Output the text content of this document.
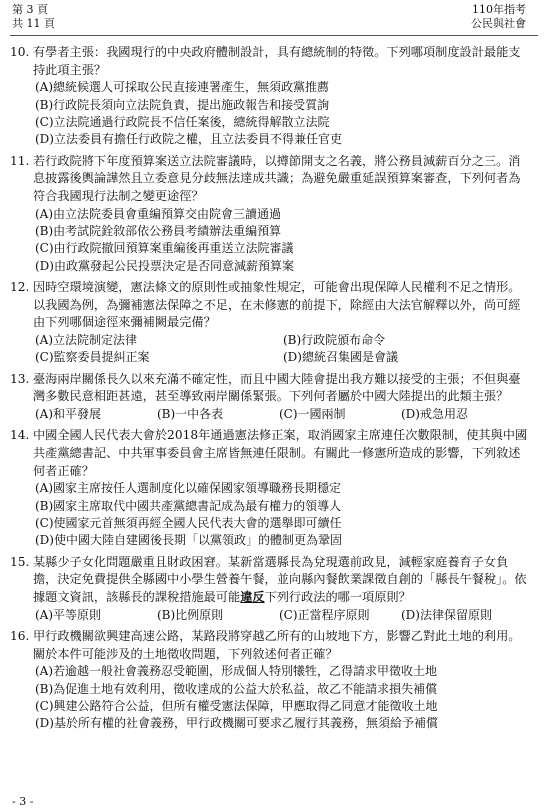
第 3 頁
共 11 頁
110年指考
公民與社會
10. 有學者主張：我國現行的中央政府體制設計，具有總統制的特徵。下列哪項制度設計最能支持此項主張？
(A)總統候選人可採取公民直接連署產生，無須政黨推薦
(B)行政院長須向立法院負責，提出施政報告和接受質詢
(C)立法院通過行政院長不信任案後，總統得解散立法院
(D)立法委員有擔任行政院之權，且立法委員不得兼任官吏
11. 若行政院將下年度預算案送立法院審議時，以撙節開支之名義，將公務員減薪百分之三。消息披露後輿論譁然且立委意見分歧無法達成共識；為避免嚴重延誤預算案審查，下列何者為符合我國現行法制之變更途徑？
(A)由立法院委員會重編預算交由院會三讀通過
(B)由考試院銓敘部依公務員考績辦法重編預算
(C)由行政院撤回預算案重編後再重送立法院審議
(D)由政黨發起公民投票決定是否同意減薪預算案
12. 因時空環境演變，憲法條文的原則性或抽象性規定，可能會出現保障人民權利不足之情形。以我國為例，為彌補憲法保障之不足，在未修憲的前提下，除經由大法官解釋以外，尚可經由下列哪個途徑來彌補闕最完備？
(A)立法院制定法律	(B)行政院頒布命令
(C)監察委員提糾正案	(D)總統召集國是會議
13. 臺海兩岸關係長久以來充滿不確定性，而且中國大陸會提出我方難以接受的主張；不但與臺灣多數民意相距甚遠，甚至導致兩岸關係緊張。下列何者屬於中國大陸提出的此類主張？
(A)和平發展	(B)一中各表	(C)一國兩制	(D)戒急用忍
14. 中國全國人民代表大會於2018年通過憲法修正案，取消國家主席連任次數限制，使其與中國共產黨總書記、中共軍事委員會主席皆無連任限制。有關此一修憲所造成的影響，下列敘述何者正確？
(A)國家主席按任人選制度化以確保國家領導職務長期穩定
(B)國家主席取代中國共產黨總書記成為最有權力的領導人
(C)使國家元首無須再經全國人民代表大會的選舉即可續任
(D)使中國大陸自建國後長期「以黨領政」的體制更為鞏固
15. 某縣少子女化問題嚴重且財政困窘。某新當選縣長為兌現選前政見，減輕家庭養育子女負擔，決定免費提供全縣國中小學生營養午餐，並向縣內餐飲業課徵自創的「縣長午餐稅」。依據題文資訊，該縣長的課稅措施最可能違反下列行政法的哪一項原則？
(A)平等原則	(B)比例原則	(C)正當程序原則	(D)法律保留原則
16. 甲行政機關欲興建高速公路，某路段將穿越乙所有的山坡地下方，影響乙對此土地的利用。關於本件可能涉及的土地徵收問題，下列敘述何者正確？
(A)若逾越一般社會義務忍受範圍，形成個人特別犧牲，乙得請求甲徵收土地
(B)為促進土地有效利用，徵收達成的公益大於私益，故乙不能請求損失補償
(C)興建公路符合公益，但所有權受憲法保障，甲應取得乙同意才能徵收土地
(D)基於所有權的社會義務，甲行政機關可要求乙履行其義務，無須給予補償
- 3 -
